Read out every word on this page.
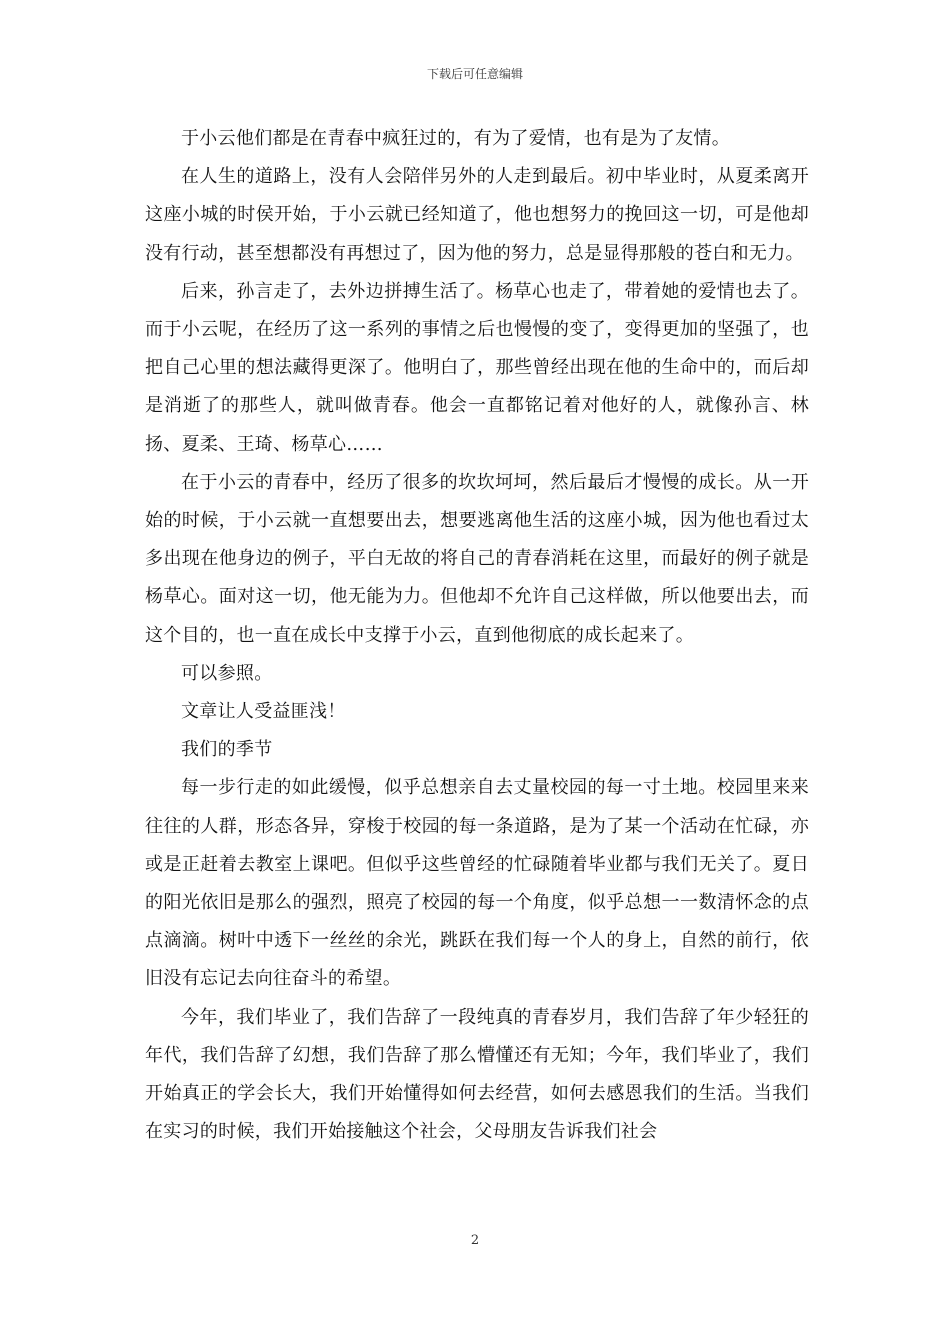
下载后可任意编辑

于小云他们都是在青春中疯狂过的，有为了爱情，也有是为了友情。

在人生的道路上，没有人会陪伴另外的人走到最后。初中毕业时，从夏柔离开这座小城的时侯开始，于小云就已经知道了，他也想努力的挽回这一切，可是他却没有行动，甚至想都没有再想过了，因为他的努力，总是显得那般的苍白和无力。

后来，孙言走了，去外边拼搏生活了。杨草心也走了，带着她的爱情也去了。而于小云呢，在经历了这一系列的事情之后也慢慢的变了，变得更加的坚强了，也把自己心里的想法藏得更深了。他明白了，那些曾经出现在他的生命中的，而后却是消逝了的那些人，就叫做青春。他会一直都铭记着对他好的人，就像孙言、林扬、夏柔、王琦、杨草心……

在于小云的青春中，经历了很多的坎坎坷坷，然后最后才慢慢的成长。从一开始的时候，于小云就一直想要出去，想要逃离他生活的这座小城，因为他也看过太多出现在他身边的例子，平白无故的将自己的青春消耗在这里，而最好的例子就是杨草心。面对这一切，他无能为力。但他却不允许自己这样做，所以他要出去，而这个目的，也一直在成长中支撑于小云，直到他彻底的成长起来了。

可以参照。

文章让人受益匪浅！

我们的季节

每一步行走的如此缓慢，似乎总想亲自去丈量校园的每一寸土地。校园里来来往往的人群，形态各异，穿梭于校园的每一条道路，是为了某一个活动在忙碌，亦或是正赶着去教室上课吧。但似乎这些曾经的忙碌随着毕业都与我们无关了。夏日的阳光依旧是那么的强烈，照亮了校园的每一个角度，似乎总想一一数清怀念的点点滴滴。树叶中透下一丝丝的余光，跳跃在我们每一个人的身上，自然的前行，依旧没有忘记去向往奋斗的希望。

今年，我们毕业了，我们告辞了一段纯真的青春岁月，我们告辞了年少轻狂的年代，我们告辞了幻想，我们告辞了那么懵懂还有无知；今年，我们毕业了，我们开始真正的学会长大，我们开始懂得如何去经营，如何去感恩我们的生活。当我们在实习的时候，我们开始接触这个社会，父母朋友告诉我们社会

2
